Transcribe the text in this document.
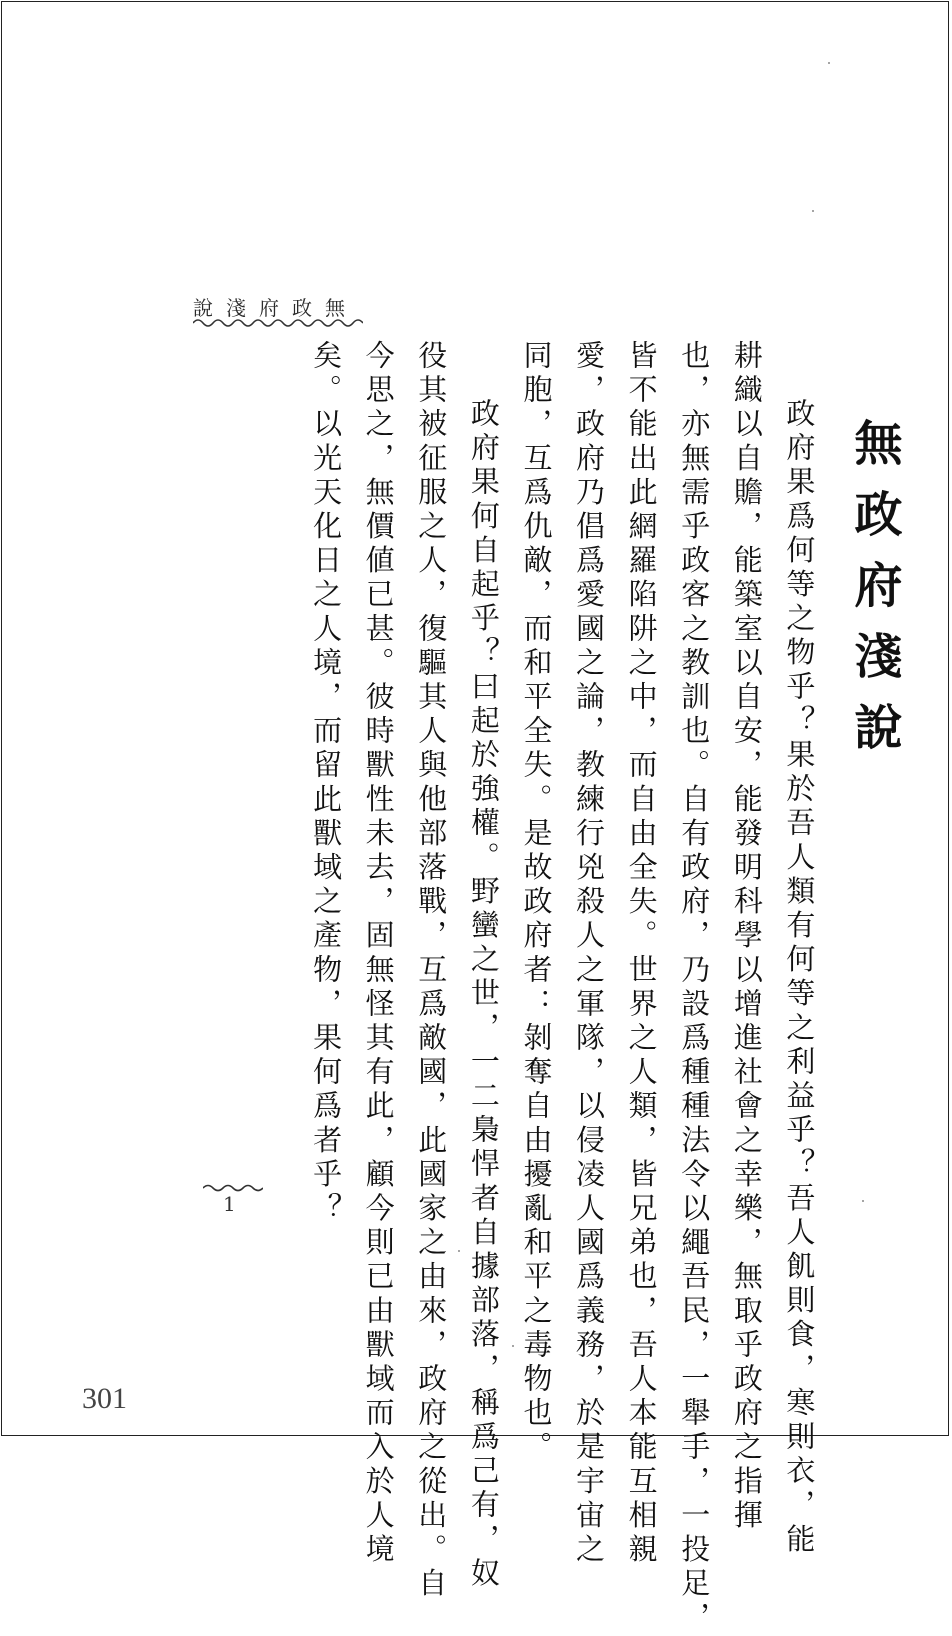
說淺府政無
無政府淺說
政府果爲何等之物乎？果於吾人類有何等之利益乎？吾人飢則食，寒則衣，能
耕織以自贍，能築室以自安，能發明科學以增進社會之幸樂，無取乎政府之指揮
也，亦無需乎政客之教訓也。自有政府，乃設爲種種法令以繩吾民，一舉手，一投足，
皆不能出此網羅陷阱之中，而自由全失。世界之人類，皆兄弟也，吾人本能互相親
愛，政府乃倡爲愛國之論，教練行兇殺人之軍隊，以侵凌人國爲義務，於是宇宙之
同胞，互爲仇敵，而和平全失。是故政府者：剝奪自由擾亂和平之毒物也。
政府果何自起乎？曰起於強權。野蠻之世，一二梟悍者自據部落，稱爲己有，奴
役其被征服之人，復驅其人與他部落戰，互爲敵國，此國家之由來，政府之從出。自
今思之，無價値已甚。彼時獸性未去，固無怪其有此，顧今則已由獸域而入於人境
矣。以光天化日之人境，而留此獸域之產物，果何爲者乎？
1
301
